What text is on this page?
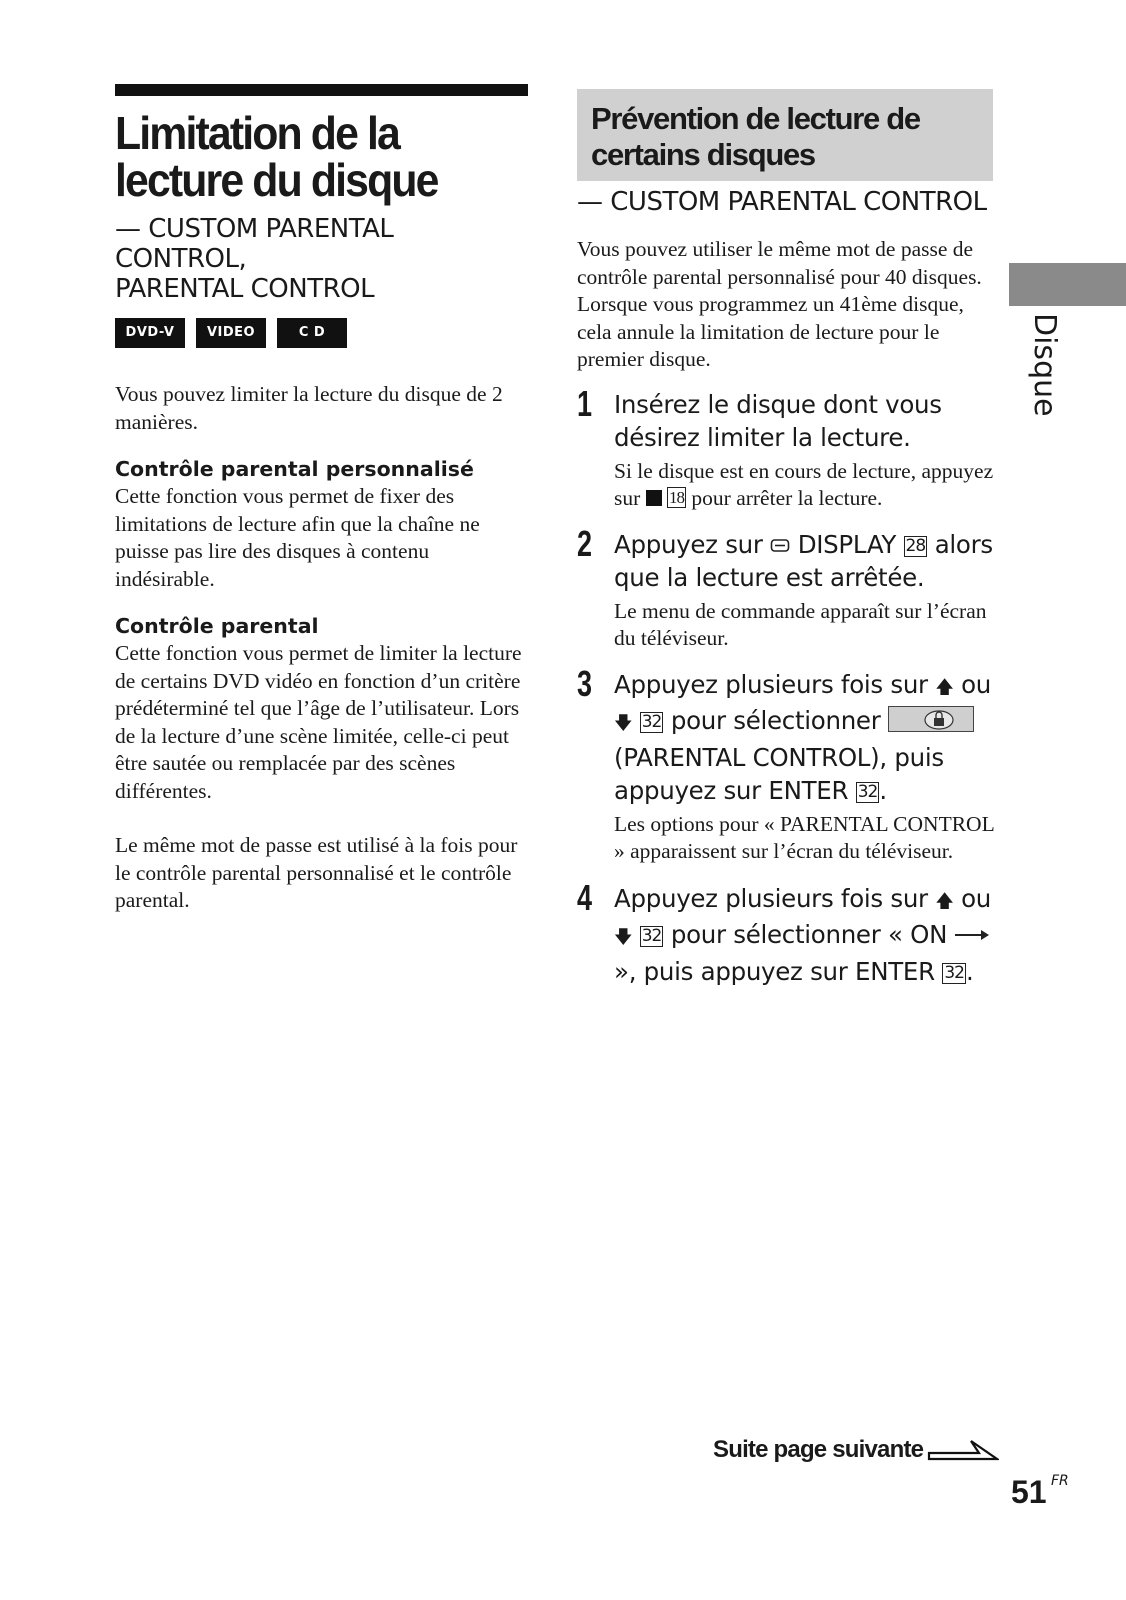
Limitation de la lecture du disque
— CUSTOM PARENTAL CONTROL,
PARENTAL CONTROL
DVD-V	VIDEO CD
C D

Vous pouvez limiter la lecture du disque de 2 manières.

Contrôle parental personnalisé

Cette fonction vous permet de fixer des limitations de lecture afin que la chaîne ne puisse pas lire des disques à contenu indésirable.

Contrôle parental

Cette fonction vous permet de limiter la lecture de certains DVD vidéo en fonction d’un critère prédéterminé tel que l’âge de l’utilisateur. Lors de la lecture d’une scène limitée, celle-ci peut être sautée ou remplacée par des scènes différentes.

Le même mot de passe est utilisé à la fois pour le contrôle parental personnalisé et le contrôle parental.

Prévention de lecture de certains disques
— CUSTOM PARENTAL CONTROL

Vous pouvez utiliser le même mot de passe de contrôle parental personnalisé pour 40 disques. Lorsque vous programmez un 41ème disque, cela annule la limitation de lecture pour le premier disque.

1 Insérez le disque dont vous désirez limiter la lecture.
Si le disque est en cours de lecture, appuyez sur 18 pour arrêter la lecture.
2 Appuyez sur DISPLAY 28 alors que la lecture est arrêtée.
Le menu de commande apparaît sur l’écran du téléviseur.
3 Appuyez plusieurs fois sur 🡅 ou 🡇 32 pour sélectionner  (PARENTAL CONTROL), puis appuyez sur ENTER 32.
Les options pour « PARENTAL CONTROL » apparaissent sur l’écran du téléviseur.
4 Appuyez plusieurs fois sur 🡅 ou 🡇 32 pour sélectionner « ON  », puis appuyez sur ENTER 32.
Disque
Suite page suivante
51 FR
